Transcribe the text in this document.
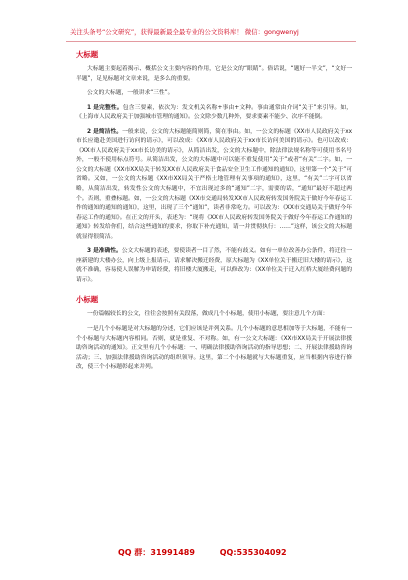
关注头条号“公文研究”，获得最新最全最专业的公文资料库！ 微信：gongwenyj
大标题

大标题主要起着揭示、概括公文主要内容的作用，它是公文的“眼睛”。俗话说，“题好一半文”，“文好一半题”，足见标题对文章来说，是多么的重要。

公文的大标题，一般讲求“三性”。

1 是完整性。包含三要素，依次为：发文机关名称+事由+文种。事由通常由介词“关于”来引导。如，《上海市人民政府关于加强城市管理的通知》。公文除少数几种外，要求要素不能少、次序不能倒。

2 是简洁性。一般来说，公文的大标题能简则简，简在事由。如，一公文的标题《XX市人民政府关于xx市长应邀赴美国进行访问的请示》，可以改成：《XX市人民政府关于xx市长访问美国的请示》。也可以改成：《XX市人民政府关于xx市长访美的请示》，从简洁出发，公文的大标题中，除法律法规名称等可使用书名号外，一般不使用标点符号。从简洁出发，公文的大标题中可以能不重复使用“关于”或者“有关”二字。如，一公文的大标题《XX市XX局关于转发XX市人民政府关于食品安全卫生工作通知的通知》，这里第一个“关于”可省略。又如，一公文的大标题《XX市XX局关于严格土地管理有关事项的通知》，这里，“有关”二字可以省略，从简洁出发，转发性公文的大标题中，不宜出现过多的“通知”二字，需要的话，“通知”最好不超过两个。否则，重叠标题。如，一公文的大标题《XX市交通局转发XX市人民政府转发国务院关于做好今年春运工作的通知的通知的通知》，这里，出现了三个“通知”，读者非常吃力。可以改为：《XX市交通局关于做好今年春运工作的通知》。在正文的开头，表述为：“现将《XX市人民政府转发国务院关于做好今年春运工作通知的通知》转发给你们，结合这些通知的要求，你取下补充通知，请一并贯彻执行：……”这样，该公文的大标题就显得很简洁。

3 是准确性。公文大标题的表述，要使读者一目了然，不能有歧义。如有一单位改善办公条件，将迁往一座新建的大楼办公，向上级上报请示，请求解决搬迁经费，原大标题为《XX单位关于搬迁旧大楼的请示》，这就不准确，容易使人误解为申请经费，将旧楼大厦搬走，可以修改为：《XX单位关于迁入红桥大厦经费问题的请示》。

小标题

一份篇幅较长的公文，往往会按照有关段落，做成几个小标题，使用小标题，要注意几个方面：

一是几个小标题是对大标题的分述，它们应该是并列关系。几个小标题的意思相加等于大标题，不能有一个小标题与大标题内容相同。否则，就是重复、不对称。如，有一公文大标题：《XX市XX局关于开展法律援助咨询活动的通知》。正文里有几个小标题：一、明确法律援助咨询活动的指导思想；二、开展法律援助咨询活动；三、加强法律援助咨询活动的组织领导。这里，第二个小标题就与大标题重复，应当根据内容进行修改，使三个小标题彰起来并列。

QQ 群：31991489	QQ:535304092
